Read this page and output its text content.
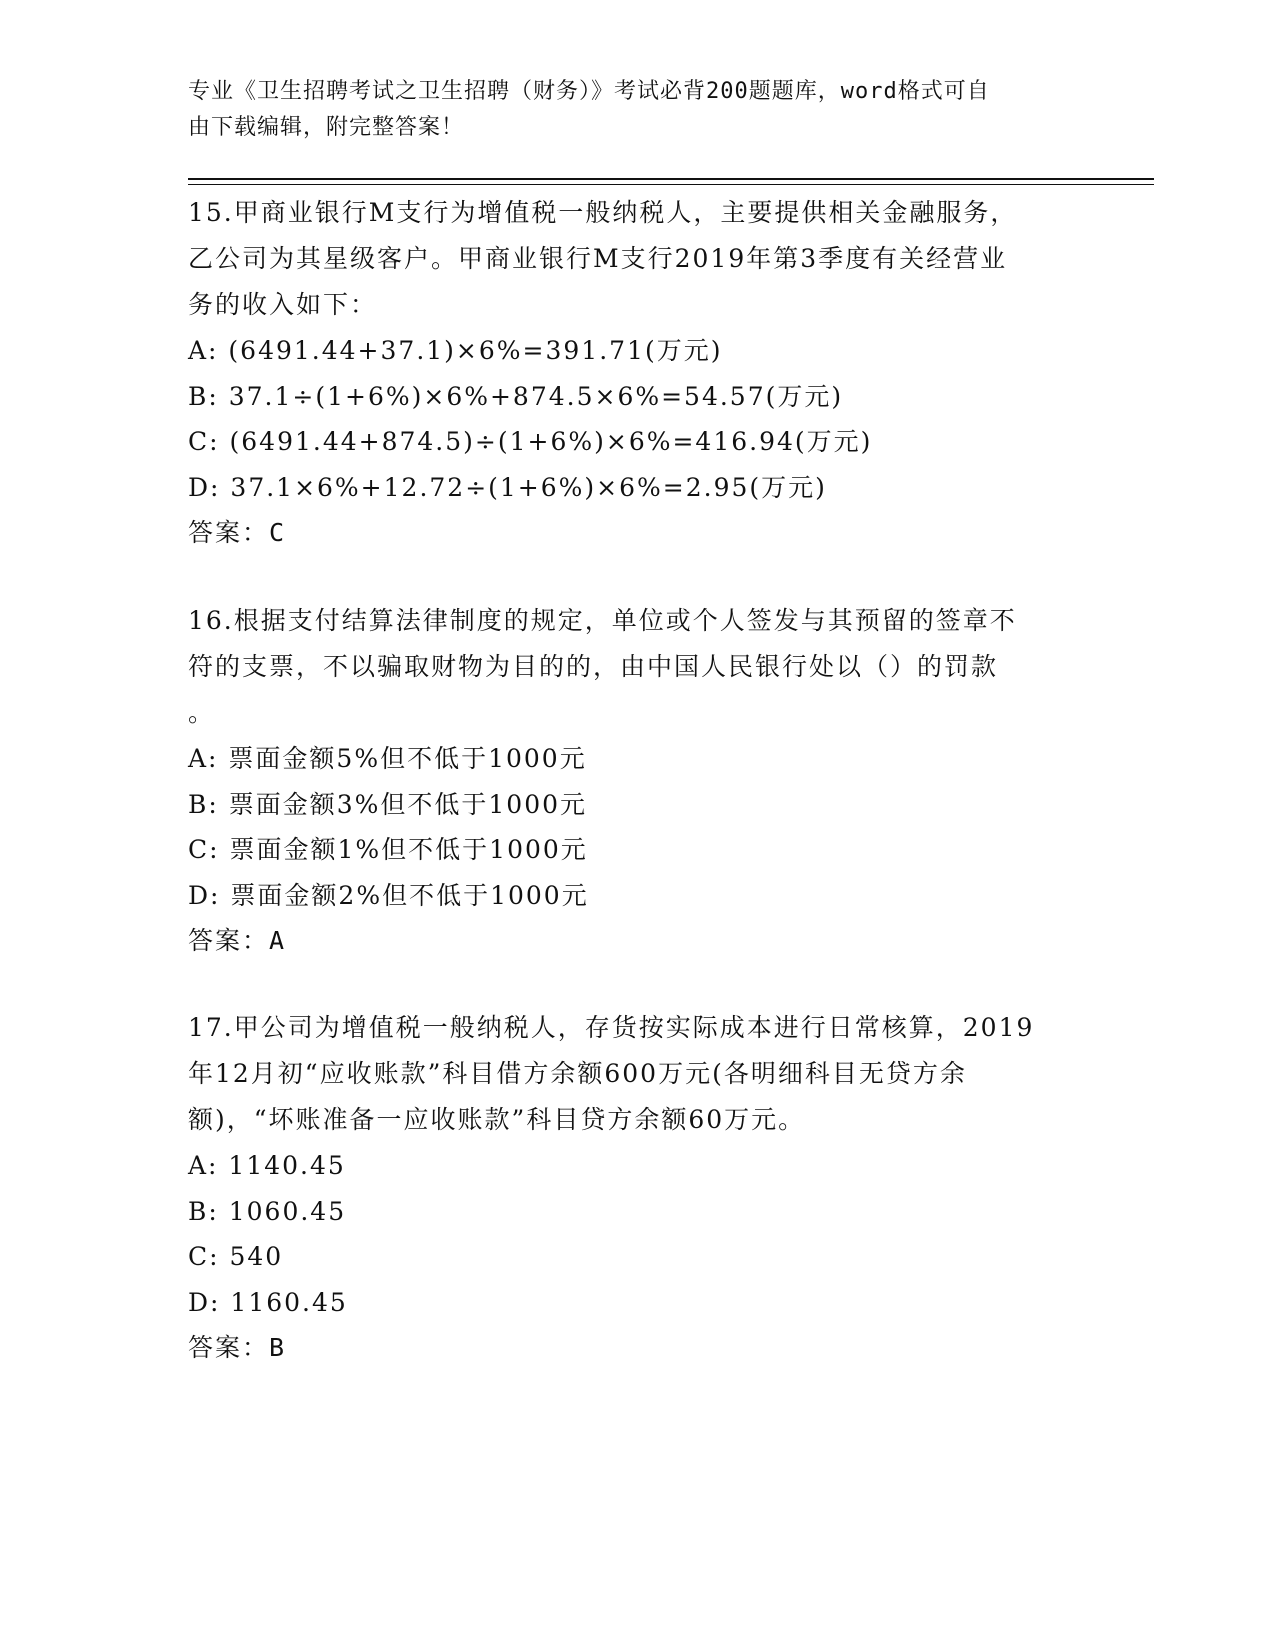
专业《卫生招聘考试之卫生招聘（财务）》考试必背200题题库，word格式可自
由下载编辑，附完整答案！

15.甲商业银行M支行为增值税一般纳税人，主要提供相关金融服务，

乙公司为其星级客户。甲商业银行M支行2019年第3季度有关经营业

务的收入如下：

A: (6491.44+37.1)×6%=391.71(万元)

B: 37.1÷(1+6%)×6%+874.5×6%=54.57(万元)

C: (6491.44+874.5)÷(1+6%)×6%=416.94(万元)

D: 37.1×6%+12.72÷(1+6%)×6%=2.95(万元)

答案：C

16.根据支付结算法律制度的规定，单位或个人签发与其预留的签章不

符的支票，不以骗取财物为目的的，由中国人民银行处以（）的罚款

。

A: 票面金额5%但不低于1000元

B: 票面金额3%但不低于1000元

C: 票面金额1%但不低于1000元

D: 票面金额2%但不低于1000元

答案：A

17.甲公司为增值税一般纳税人，存货按实际成本进行日常核算，2019

年12月初“应收账款”科目借方余额600万元(各明细科目无贷方余

额)，“坏账准备一应收账款”科目贷方余额60万元。

A: 1140.45

B: 1060.45

C: 540

D: 1160.45

答案：B
